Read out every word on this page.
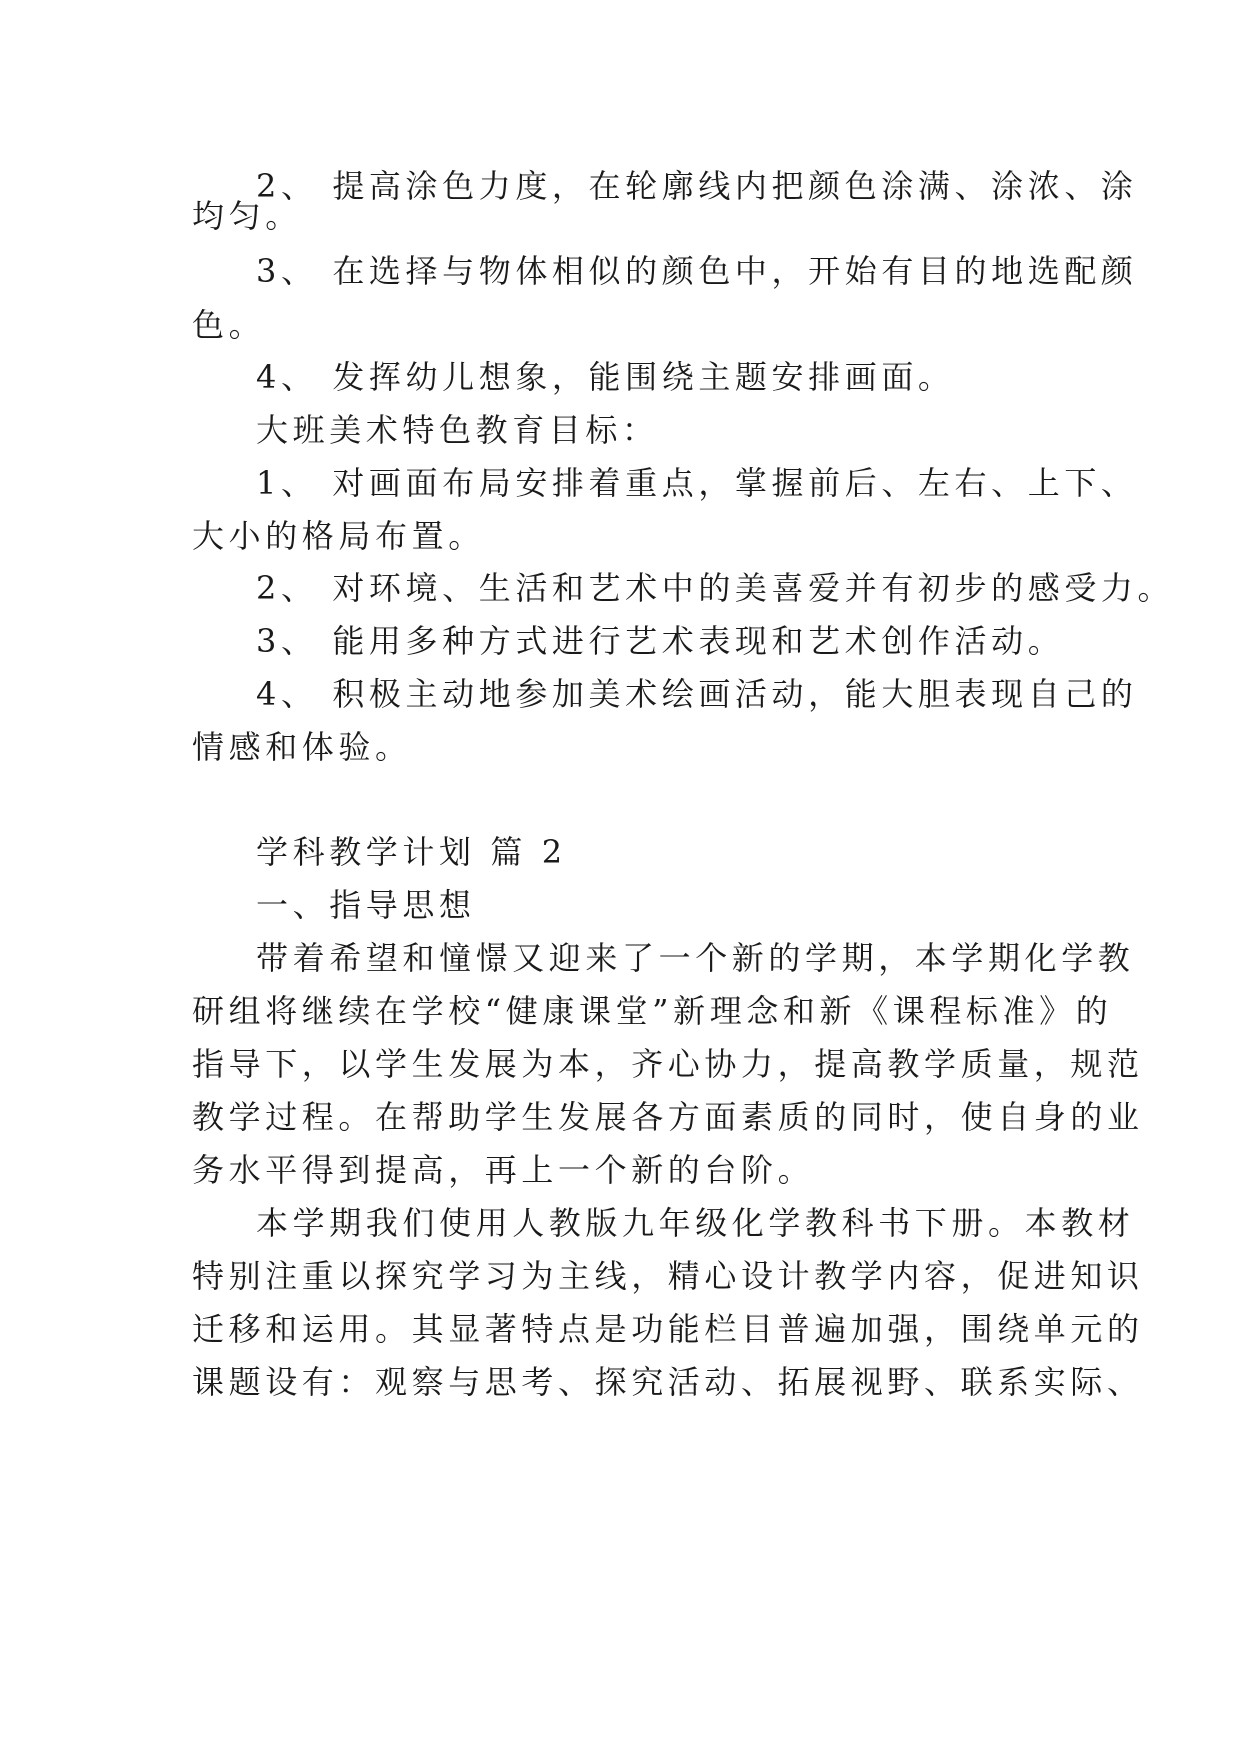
2、 提高涂色力度，在轮廓线内把颜色涂满、涂浓、涂
均匀。
3、 在选择与物体相似的颜色中，开始有目的地选配颜
色。
4、 发挥幼儿想象，能围绕主题安排画面。
大班美术特色教育目标：
1、 对画面布局安排着重点，掌握前后、左右、上下、
大小的格局布置。
2、 对环境、生活和艺术中的美喜爱并有初步的感受力。
3、 能用多种方式进行艺术表现和艺术创作活动。
4、 积极主动地参加美术绘画活动，能大胆表现自己的
情感和体验。
学科教学计划 篇 2
一、指导思想
带着希望和憧憬又迎来了一个新的学期，本学期化学教
研组将继续在学校“健康课堂”新理念和新《课程标准》的
指导下，以学生发展为本，齐心协力，提高教学质量，规范
教学过程。在帮助学生发展各方面素质的同时，使自身的业
务水平得到提高，再上一个新的台阶。
本学期我们使用人教版九年级化学教科书下册。本教材
特别注重以探究学习为主线，精心设计教学内容，促进知识
迁移和运用。其显著特点是功能栏目普遍加强，围绕单元的
课题设有：观察与思考、探究活动、拓展视野、联系实际、
